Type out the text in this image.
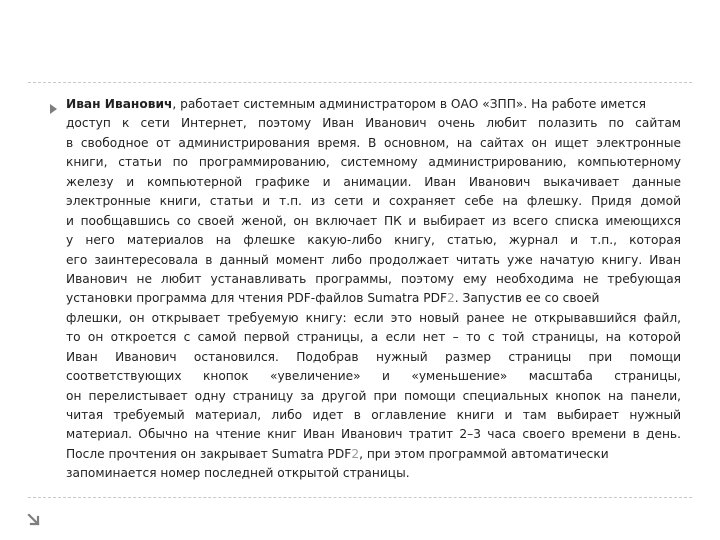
Иван Иванович, работает системным администратором в ОАО «ЗПП». На работе имется
доступ к сети Интернет, поэтому Иван Иванович очень любит полазить по сайтам
в свободное от администрирования время. В основном, на сайтах он ищет электронные
книги, статьи по программированию, системному администрированию, компьютерному
железу и компьютерной графике и анимации. Иван Иванович выкачивает данные
электронные книги, статьи и т.п. из сети и сохраняет себе на флешку. Придя домой
и пообщавшись со своей женой, он включает ПК и выбирает из всего списка имеющихся
у него материалов на флешке какую-либо книгу, статью, журнал и т.п., которая
его заинтересовала в данный момент либо продолжает читать уже начатую книгу. Иван
Иванович не любит устанавливать программы, поэтому ему необходима не требующая
установки программа для чтения PDF-файлов Sumatra PDF2. Запустив ее со своей
флешки, он открывает требуемую книгу: если это новый ранее не открывавшийся файл,
то он откроется с самой первой страницы, а если нет – то с той страницы, на которой
Иван Иванович остановился. Подобрав нужный размер страницы при помощи
соответствующих кнопок «увеличение» и «уменьшение» масштаба страницы,
он перелистывает одну страницу за другой при помощи специальных кнопок на панели,
читая требуемый материал, либо идет в оглавление книги и там выбирает нужный
материал. Обычно на чтение книг Иван Иванович тратит 2–3 часа своего времени в день.
После прочтения он закрывает Sumatra PDF2, при этом программой автоматически
запоминается номер последней открытой страницы.
